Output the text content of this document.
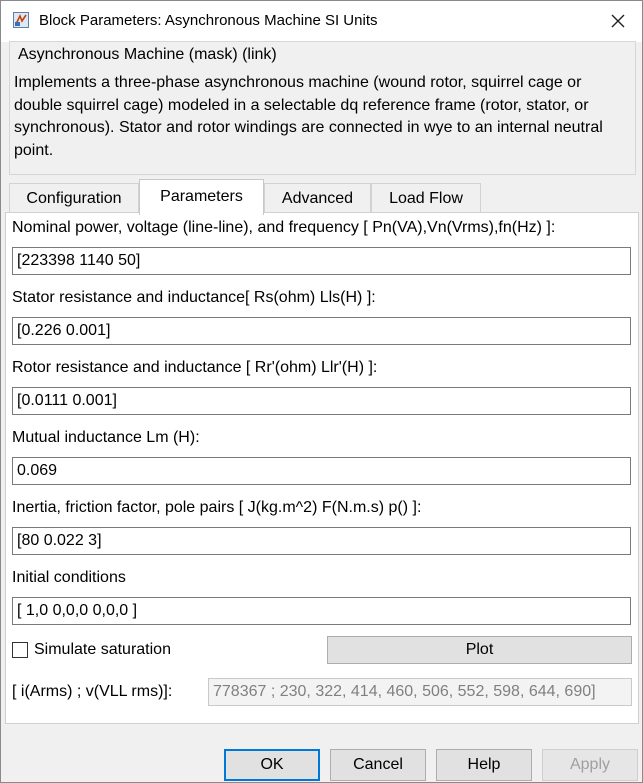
Block Parameters: Asynchronous Machine SI Units
Asynchronous Machine (mask) (link)
Implements a three-phase asynchronous machine (wound rotor, squirrel cage or double squirrel cage) modeled in a selectable dq reference frame (rotor, stator, or synchronous). Stator and rotor windings are connected in wye to an internal neutral point.
Configuration	Parameters	Advanced	Load Flow
Nominal power, voltage (line-line), and frequency [ Pn(VA),Vn(Vrms),fn(Hz) ]:
[223398 1140 50]
Stator resistance and inductance[ Rs(ohm) Lls(H) ]:
[0.226 0.001]
Rotor resistance and inductance [ Rr'(ohm) Llr'(H) ]:
[0.0111 0.001]
Mutual inductance Lm (H):
0.069
Inertia, friction factor, pole pairs [ J(kg.m^2) F(N.m.s) p() ]:
[80 0.022 3]
Initial conditions
[ 1,0 0,0,0 0,0,0 ]
Simulate saturation	Plot
[ i(Arms) ; v(VLL rms)]:	778367 ; 230, 322, 414, 460, 506, 552, 598, 644, 690]
OK	Cancel	Help	Apply
